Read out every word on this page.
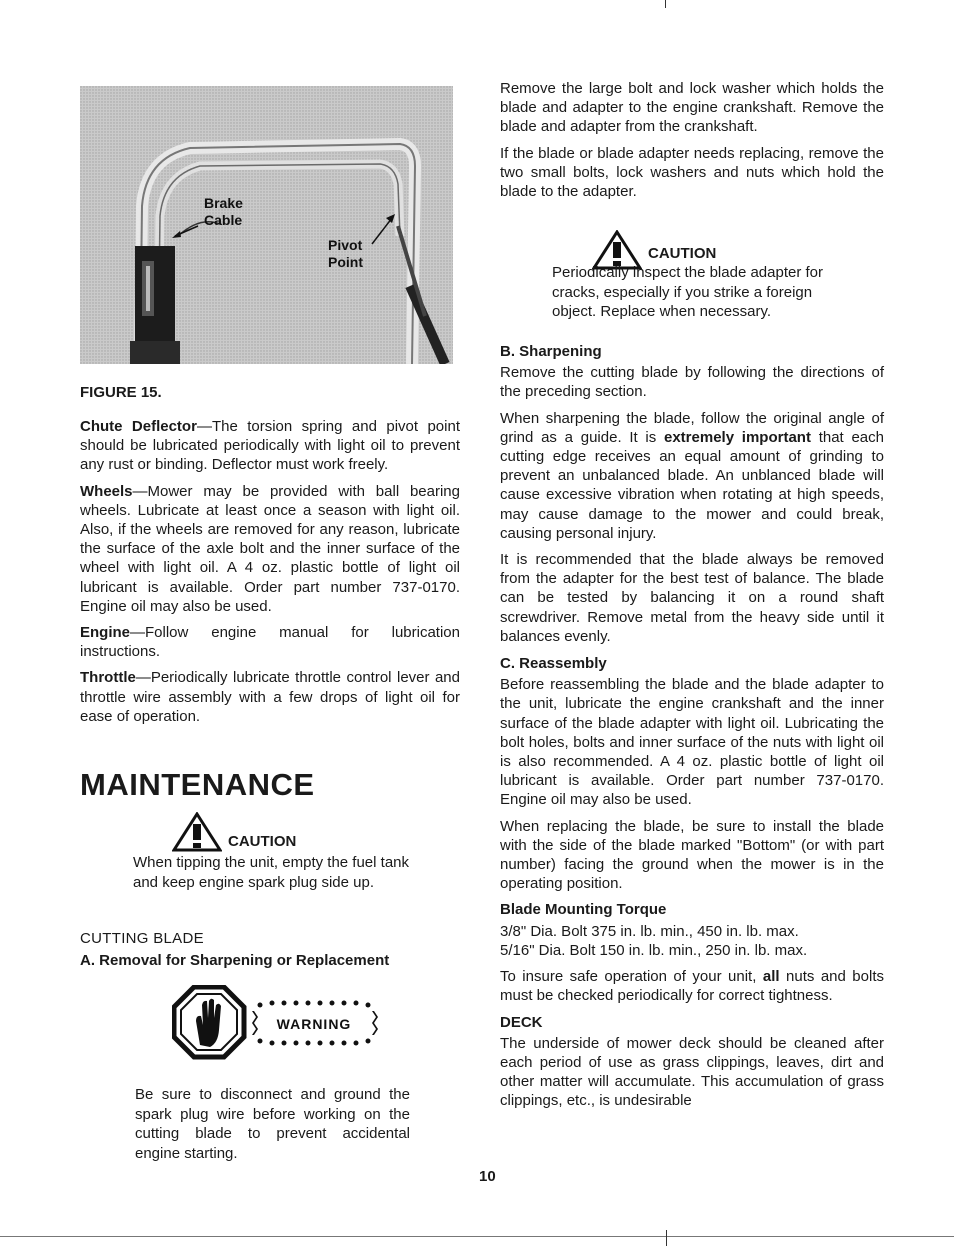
Brake
Cable
Pivot
Point
FIGURE 15.

Chute Deflector—The torsion spring and pivot point should be lubricated periodically with light oil to prevent any rust or binding. Deflector must work freely.

Wheels—Mower may be provided with ball bearing wheels. Lubricate at least once a season with light oil. Also, if the wheels are removed for any reason, lubricate the surface of the axle bolt and the inner surface of the wheel with light oil. A 4 oz. plastic bottle of light oil lubricant is available. Order part number 737-0170. Engine oil may also be used.

Engine—Follow engine manual for lubrication instructions.

Throttle—Periodically lubricate throttle control lever and throttle wire assembly with a few drops of light oil for ease of operation.

MAINTENANCE
CAUTION
When tipping the unit, empty the fuel tank and keep engine spark plug side up.
CUTTING BLADE
A. Removal for Sharpening or Replacement
WARNING
Be sure to disconnect and ground the spark plug wire before working on the cutting blade to prevent accidental engine starting.

Remove the large bolt and lock washer which holds the blade and adapter to the engine crankshaft. Remove the blade and adapter from the crankshaft.

If the blade or blade adapter needs replacing, remove the two small bolts, lock washers and nuts which hold the blade to the adapter.

CAUTION
Periodically inspect the blade adapter for cracks, especially if you strike a foreign object. Replace when necessary.
B. Sharpening

Remove the cutting blade by following the directions of the preceding section.

When sharpening the blade, follow the original angle of grind as a guide. It is extremely important that each cutting edge receives an equal amount of grinding to prevent an unbalanced blade. An unblanced blade will cause excessive vibration when rotating at high speeds, may cause damage to the mower and could break, causing personal injury.

It is recommended that the blade always be removed from the adapter for the best test of balance. The blade can be tested by balancing it on a round shaft screwdriver. Remove metal from the heavy side until it balances evenly.

C. Reassembly

Before reassembling the blade and the blade adapter to the unit, lubricate the engine crankshaft and the inner surface of the blade adapter with light oil. Lubricating the bolt holes, bolts and inner surface of the nuts with light oil is also recommended. A 4 oz. plastic bottle of light oil lubricant is available. Order part number 737-0170. Engine oil may also be used.

When replacing the blade, be sure to install the blade with the side of the blade marked "Bottom" (or with part number) facing the ground when the mower is in the operating position.

Blade Mounting Torque
3/8" Dia. Bolt 375 in. lb. min., 450 in. lb. max.
5/16" Dia. Bolt 150 in. lb. min., 250 in. lb. max.

To insure safe operation of your unit, all nuts and bolts must be checked periodically for correct tightness.

DECK

The underside of mower deck should be cleaned after each period of use as grass clippings, leaves, dirt and other matter will accumulate. This accumulation of grass clippings, etc., is undesirable

10
